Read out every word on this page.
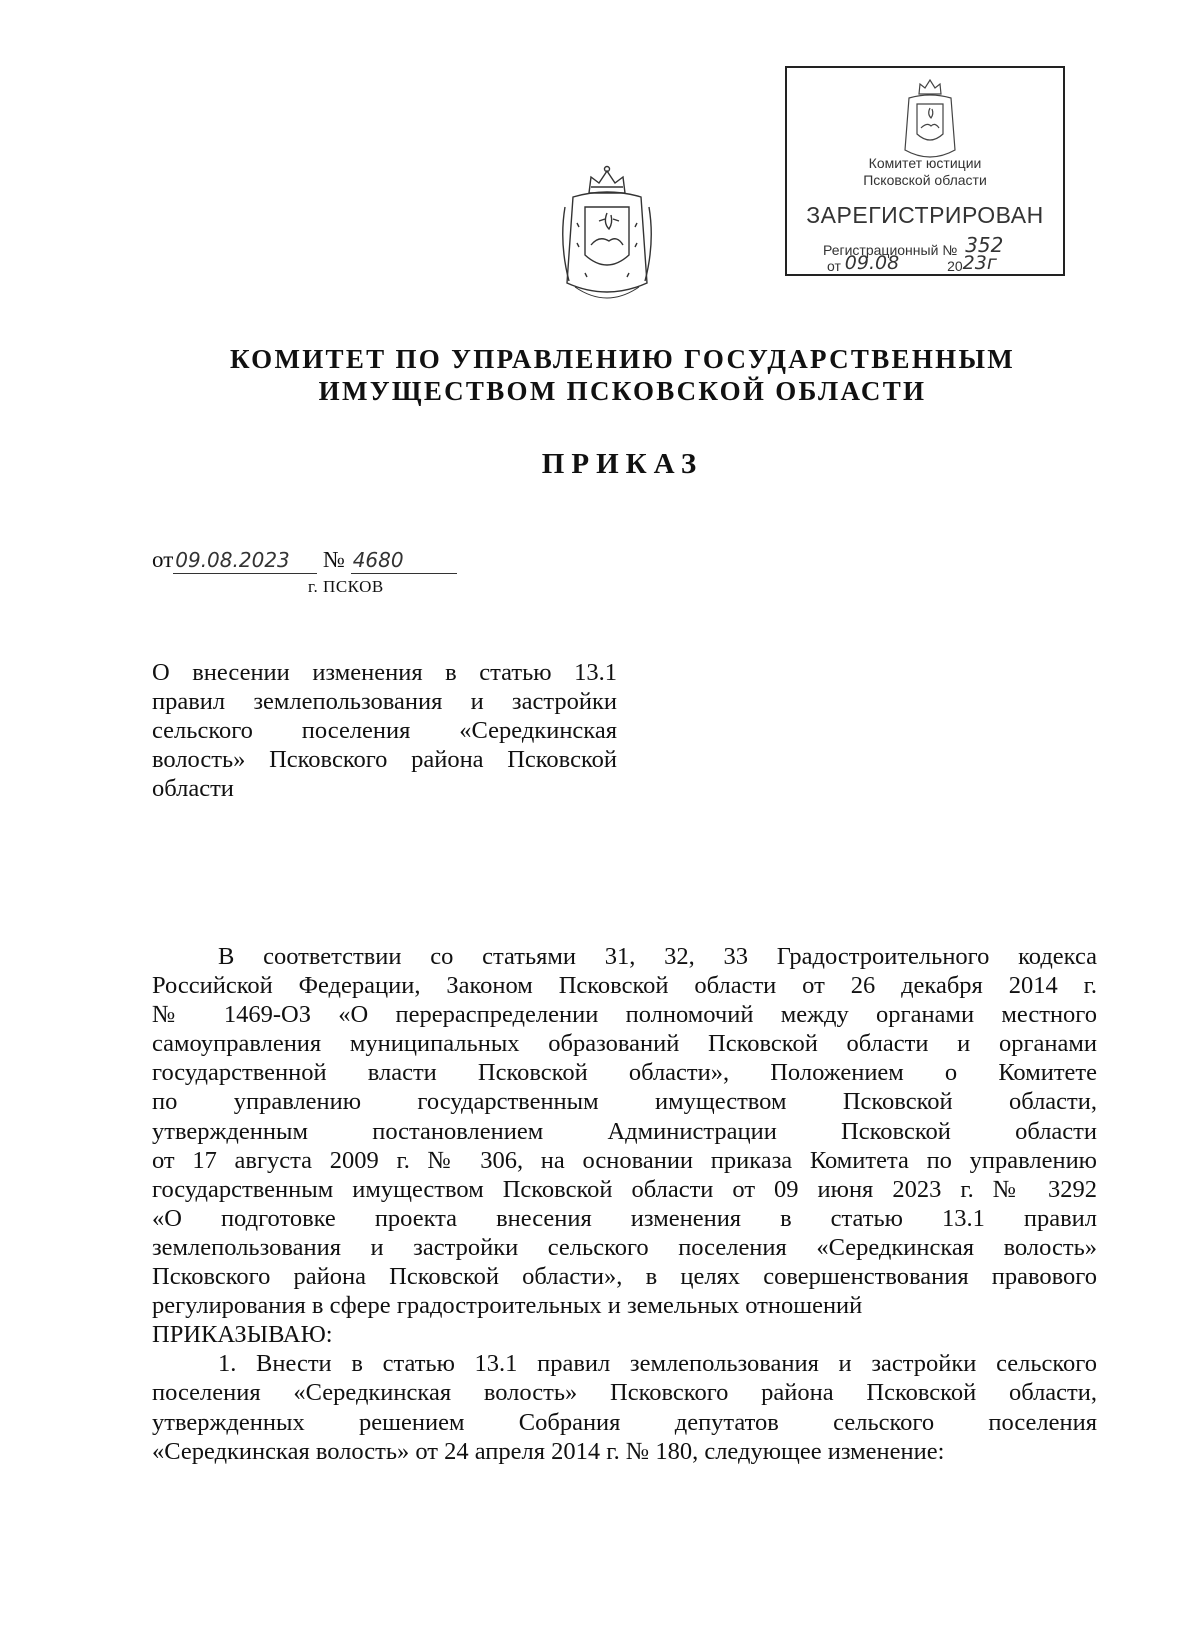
Комитет юстиции
Псковской области
ЗАРЕГИСТРИРОВАН
Регистрационный № 352
от 09.08	2023г
КОМИТЕТ ПО УПРАВЛЕНИЮ ГОСУДАРСТВЕННЫМ
ИМУЩЕСТВОМ ПСКОВСКОЙ ОБЛАСТИ
ПРИКАЗ
от 09.08.2023 № 4680
г. ПСКОВ
О внесении изменения в статью 13.1
правил землепользования и застройки
сельского поселения «Середкинская
волость» Псковского района Псковской
области
В соответствии со статьями 31, 32, 33 Градостроительного кодекса
Российской Федерации, Законом Псковской области от 26 декабря 2014 г.
№ 1469-ОЗ «О перераспределении полномочий между органами местного
самоуправления муниципальных образований Псковской области и органами
государственной власти Псковской области», Положением о Комитете
по управлению государственным имуществом Псковской области,
утвержденным постановлением Администрации Псковской области
от 17 августа 2009 г. № 306, на основании приказа Комитета по управлению
государственным имуществом Псковской области от 09 июня 2023 г. № 3292
«О подготовке проекта внесения изменения в статью 13.1 правил
землепользования и застройки сельского поселения «Середкинская волость»
Псковского района Псковской области», в целях совершенствования правового
регулирования в сфере градостроительных и земельных отношений
ПРИКАЗЫВАЮ:
1. Внести в статью 13.1 правил землепользования и застройки сельского
поселения «Середкинская волость» Псковского района Псковской области,
утвержденных решением Собрания депутатов сельского поселения
«Середкинская волость» от 24 апреля 2014 г. № 180, следующее изменение:
